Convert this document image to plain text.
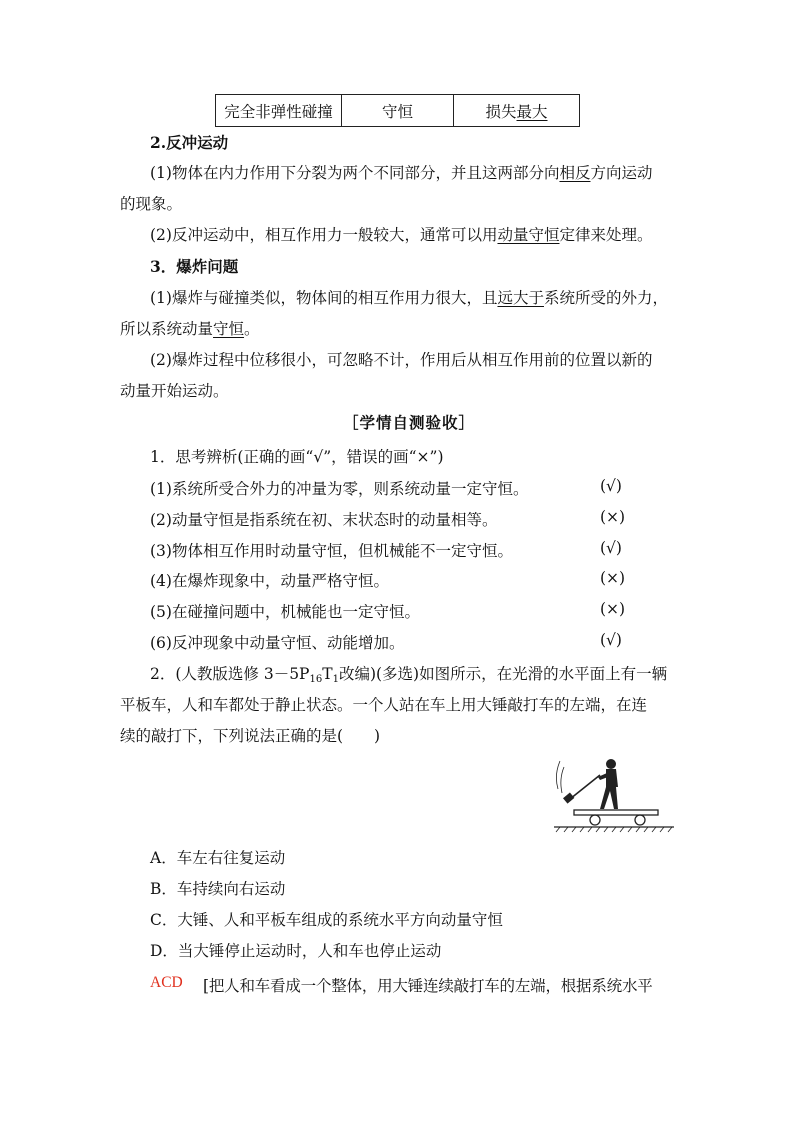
完全非弹性碰撞	守恒	损失最大
2.反冲运动
(1)物体在内力作用下分裂为两个不同部分，并且这两部分向相反方向运动
的现象。
(2)反冲运动中，相互作用力一般较大，通常可以用动量守恒定律来处理。
3．爆炸问题
(1)爆炸与碰撞类似，物体间的相互作用力很大，且远大于系统所受的外力，
所以系统动量守恒。
(2)爆炸过程中位移很小，可忽略不计，作用后从相互作用前的位置以新的
动量开始运动。
［学情自测验收］
1．思考辨析(正确的画“√”，错误的画“×”)
(1)系统所受合外力的冲量为零，则系统动量一定守恒。	(√)
(2)动量守恒是指系统在初、末状态时的动量相等。	(×)
(3)物体相互作用时动量守恒，但机械能不一定守恒。	(√)
(4)在爆炸现象中，动量严格守恒。	(×)
(5)在碰撞问题中，机械能也一定守恒。	(×)
(6)反冲现象中动量守恒、动能增加。	(√)
2．(人教版选修 $3-5P_{16}T_1$改编)(多选)如图所示，在光滑的水平面上有一辆
平板车，人和车都处于静止状态。一个人站在车上用大锤敲打车的左端，在连
续的敲打下，下列说法正确的是(　　)
A．车左右往复运动
B．车持续向右运动
C．大锤、人和平板车组成的系统水平方向动量守恒
D．当大锤停止运动时，人和车也停止运动
ACD [把人和车看成一个整体，用大锤连续敲打车的左端，根据系统水平
